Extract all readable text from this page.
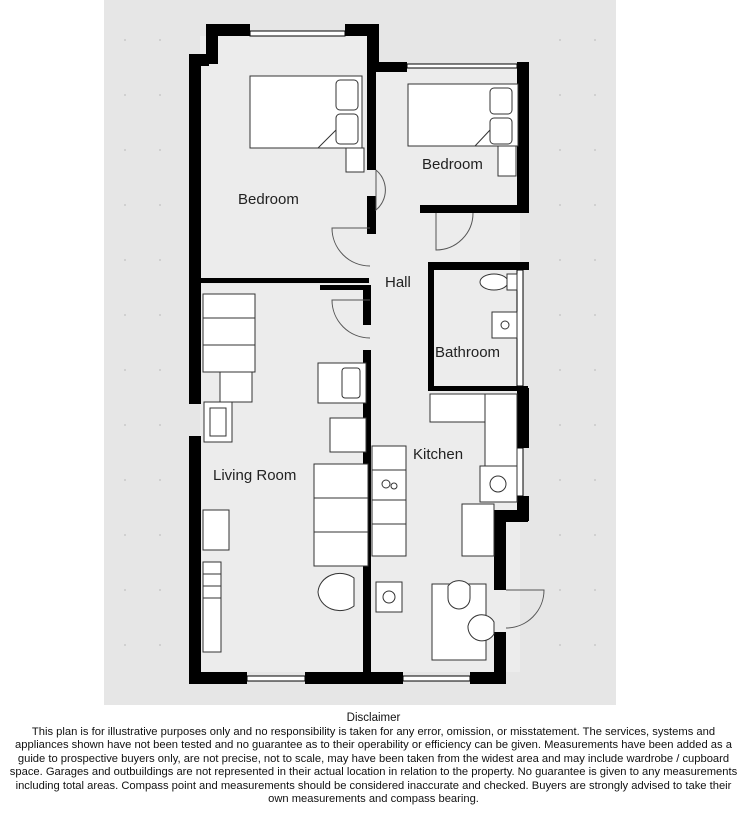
Bedroom
Bedroom
Hall
Bathroom
Kitchen
Living Room
Disclaimer
This plan is for illustrative purposes only and no responsibility is taken for any error, omission, or misstatement. The services, systems and appliances shown have not been tested and no guarantee as to their operability or efficiency can be given. Measurements have been added as a guide to prospective buyers only, are not precise, not to scale, may have been taken from the widest area and may include wardrobe / cupboard space. Garages and outbuildings are not represented in their actual location in relation to the property. No guarantee is given to any measurements including total areas. Compass point and measurements should be considered inaccurate and checked. Buyers are strongly advised to take their own measurements and compass bearing.
